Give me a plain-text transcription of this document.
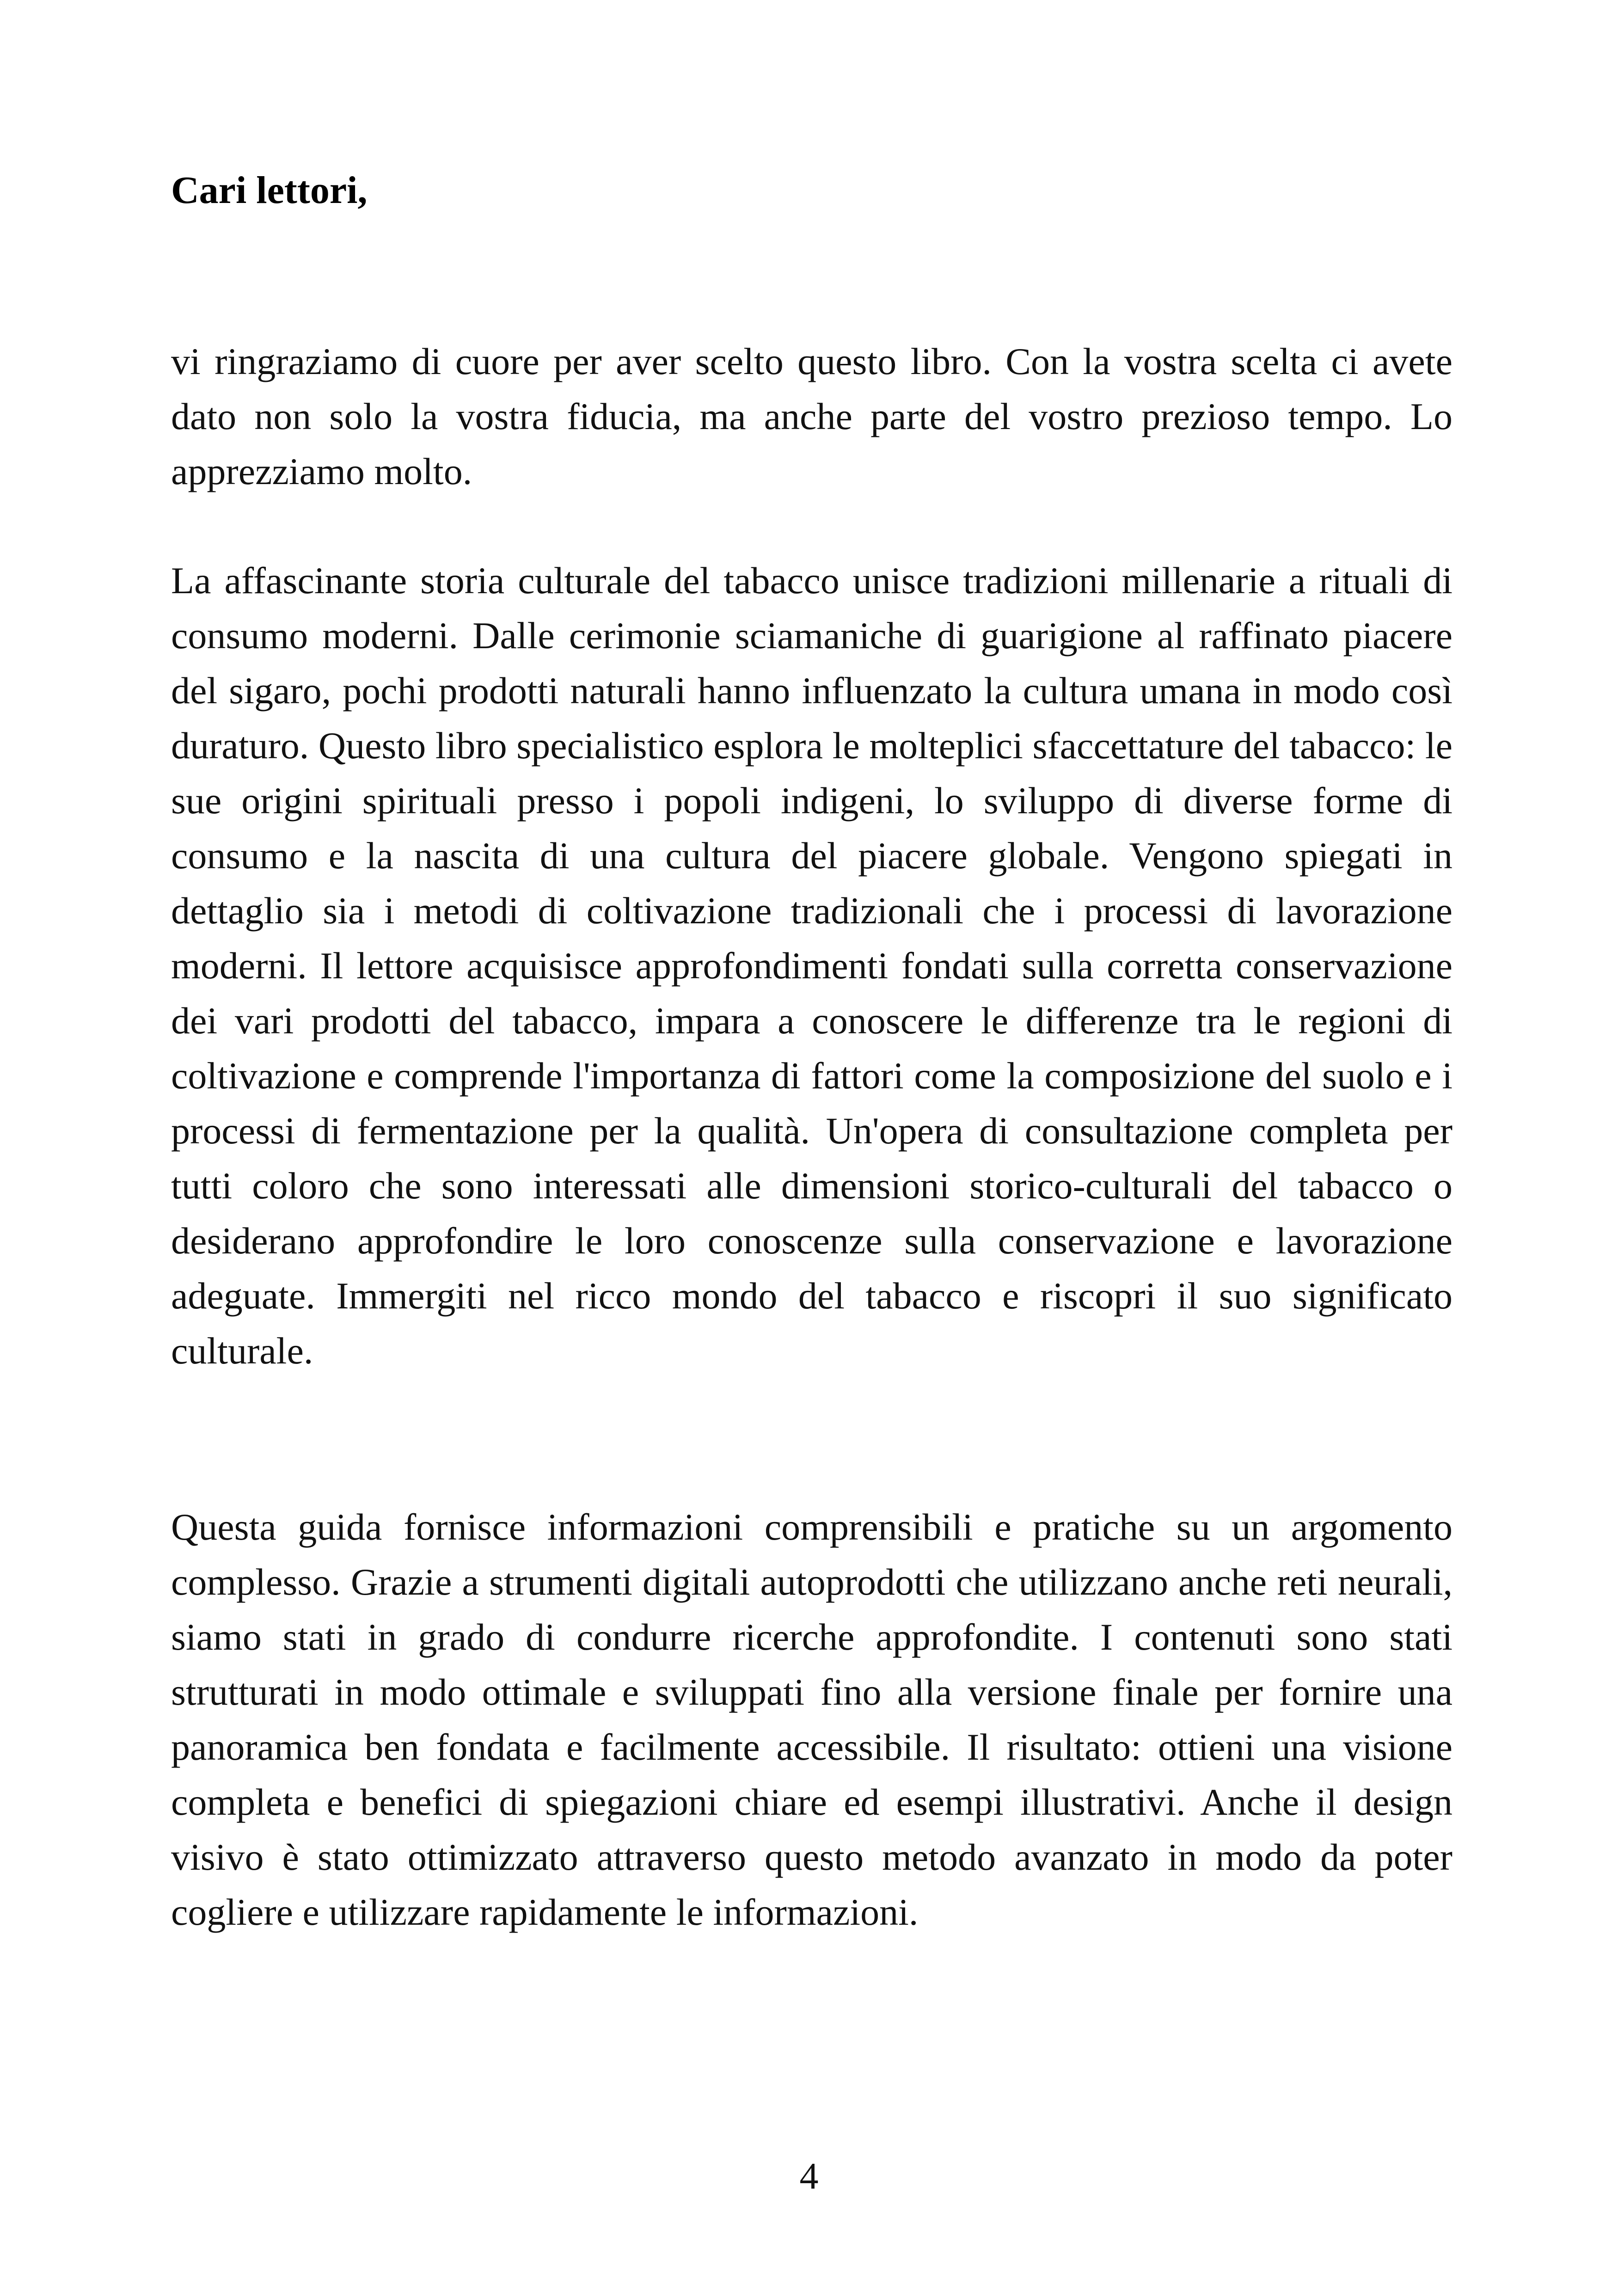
Cari lettori,

vi ringraziamo di cuore per aver scelto questo libro. Con la vostra scelta ci avete dato non solo la vostra fiducia, ma anche parte del vostro prezioso tempo. Lo apprezziamo molto.

La affascinante storia culturale del tabacco unisce tradizioni millenarie a rituali di consumo moderni. Dalle cerimonie sciamaniche di guarigione al raffinato piacere del sigaro, pochi prodotti naturali hanno influenzato la cultura umana in modo così duraturo. Questo libro specialistico esplora le molteplici sfaccettature del tabacco: le sue origini spirituali presso i popoli indigeni, lo sviluppo di diverse forme di consumo e la nascita di una cultura del piacere globale. Vengono spiegati in dettaglio sia i metodi di coltivazione tradizionali che i processi di lavorazione moderni. Il lettore acquisisce approfondimenti fondati sulla corretta conservazione dei vari prodotti del tabacco, impara a conoscere le differenze tra le regioni di coltivazione e comprende l'importanza di fattori come la composizione del suolo e i processi di fermentazione per la qualità. Un'opera di consultazione completa per tutti coloro che sono interessati alle dimensioni storico-culturali del tabacco o desiderano approfondire le loro conoscenze sulla conservazione e lavorazione adeguate. Immergiti nel ricco mondo del tabacco e riscopri il suo significato culturale.

Questa guida fornisce informazioni comprensibili e pratiche su un argomento complesso. Grazie a strumenti digitali autoprodotti che utilizzano anche reti neurali, siamo stati in grado di condurre ricerche approfondite. I contenuti sono stati strutturati in modo ottimale e sviluppati fino alla versione finale per fornire una panoramica ben fondata e facilmente accessibile. Il risultato: ottieni una visione completa e benefici di spiegazioni chiare ed esempi illustrativi. Anche il design visivo è stato ottimizzato attraverso questo metodo avanzato in modo da poter cogliere e utilizzare rapidamente le informazioni.

4
